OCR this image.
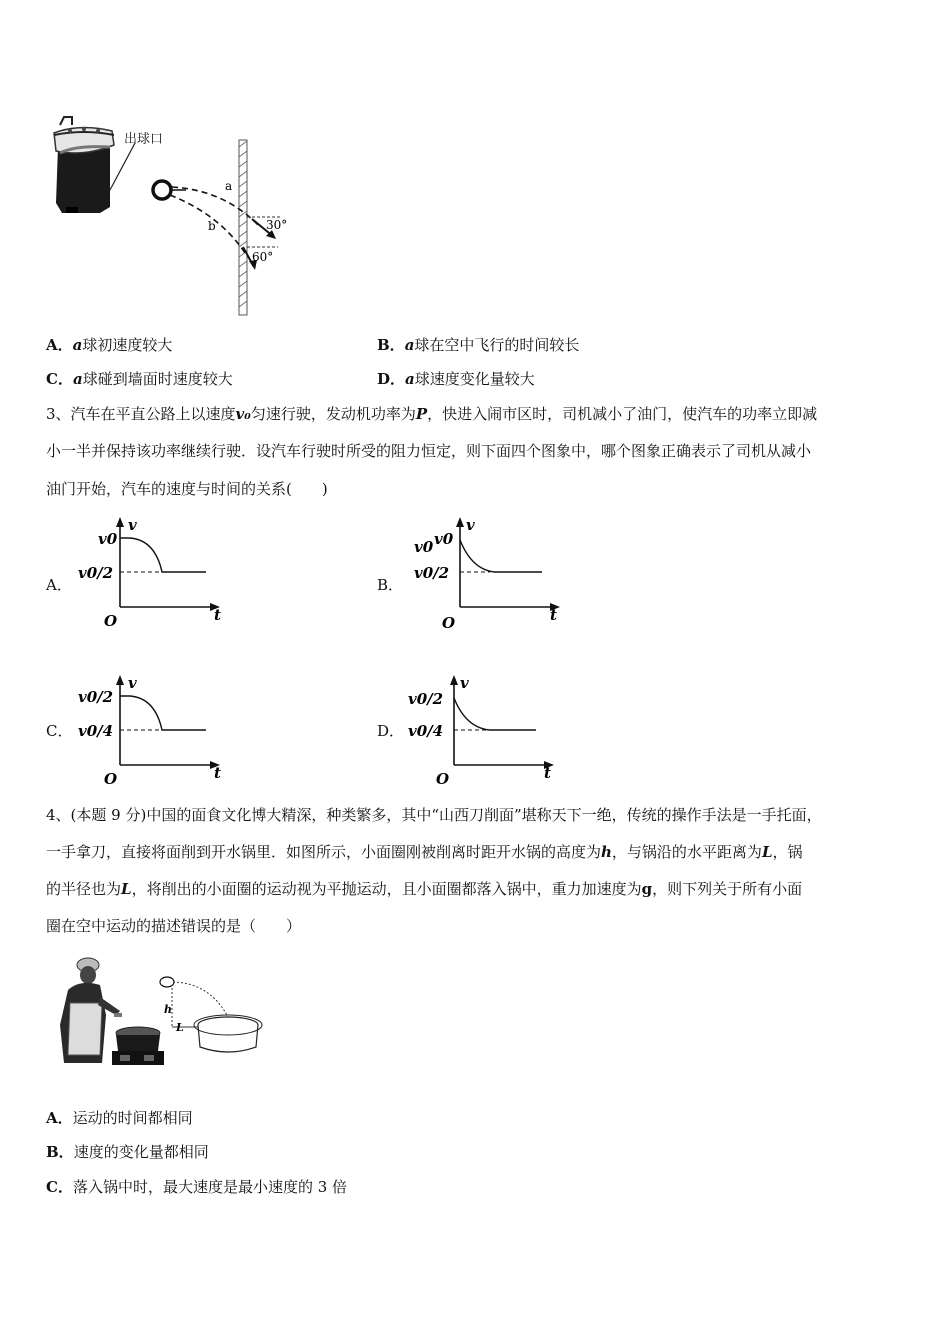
出球口
a
b	30°
60°
A．a球初速度较大	B．a球在空中飞行的时间较长
C．a球碰到墙面时速度较大	D．a球速度变化量较大
3、汽车在平直公路上以速度v₀匀速行驶，发动机功率为P，快进入闹市区时，司机减小了油门，使汽车的功率立即减
小一半并保持该功率继续行驶．设汽车行驶时所受的阻力恒定，则下面四个图象中，哪个图象正确表示了司机从减小
油门开始，汽车的速度与时间的关系(　　)
A．
v
t
O
v0
v0/2
B．
v
t
O
v0
v0
v0/2
C．
v
t
O
v0/2
v0/4	D．
v
t
O
v0/2
v0/4
4、(本题 9 分)中国的面食文化博大精深，种类繁多，其中“山西刀削面”堪称天下一绝，传统的操作手法是一手托面，
一手拿刀，直接将面削到开水锅里．如图所示，小面圈刚被削离时距开水锅的高度为h，与锅沿的水平距离为L，锅
的半径也为L，将削出的小面圈的运动视为平抛运动，且小面圈都落入锅中，重力加速度为g，则下列关于所有小面
圈在空中运动的描述错误的是（　　）
h
L
A．运动的时间都相同
B．速度的变化量都相同
C．落入锅中时，最大速度是最小速度的 3 倍
